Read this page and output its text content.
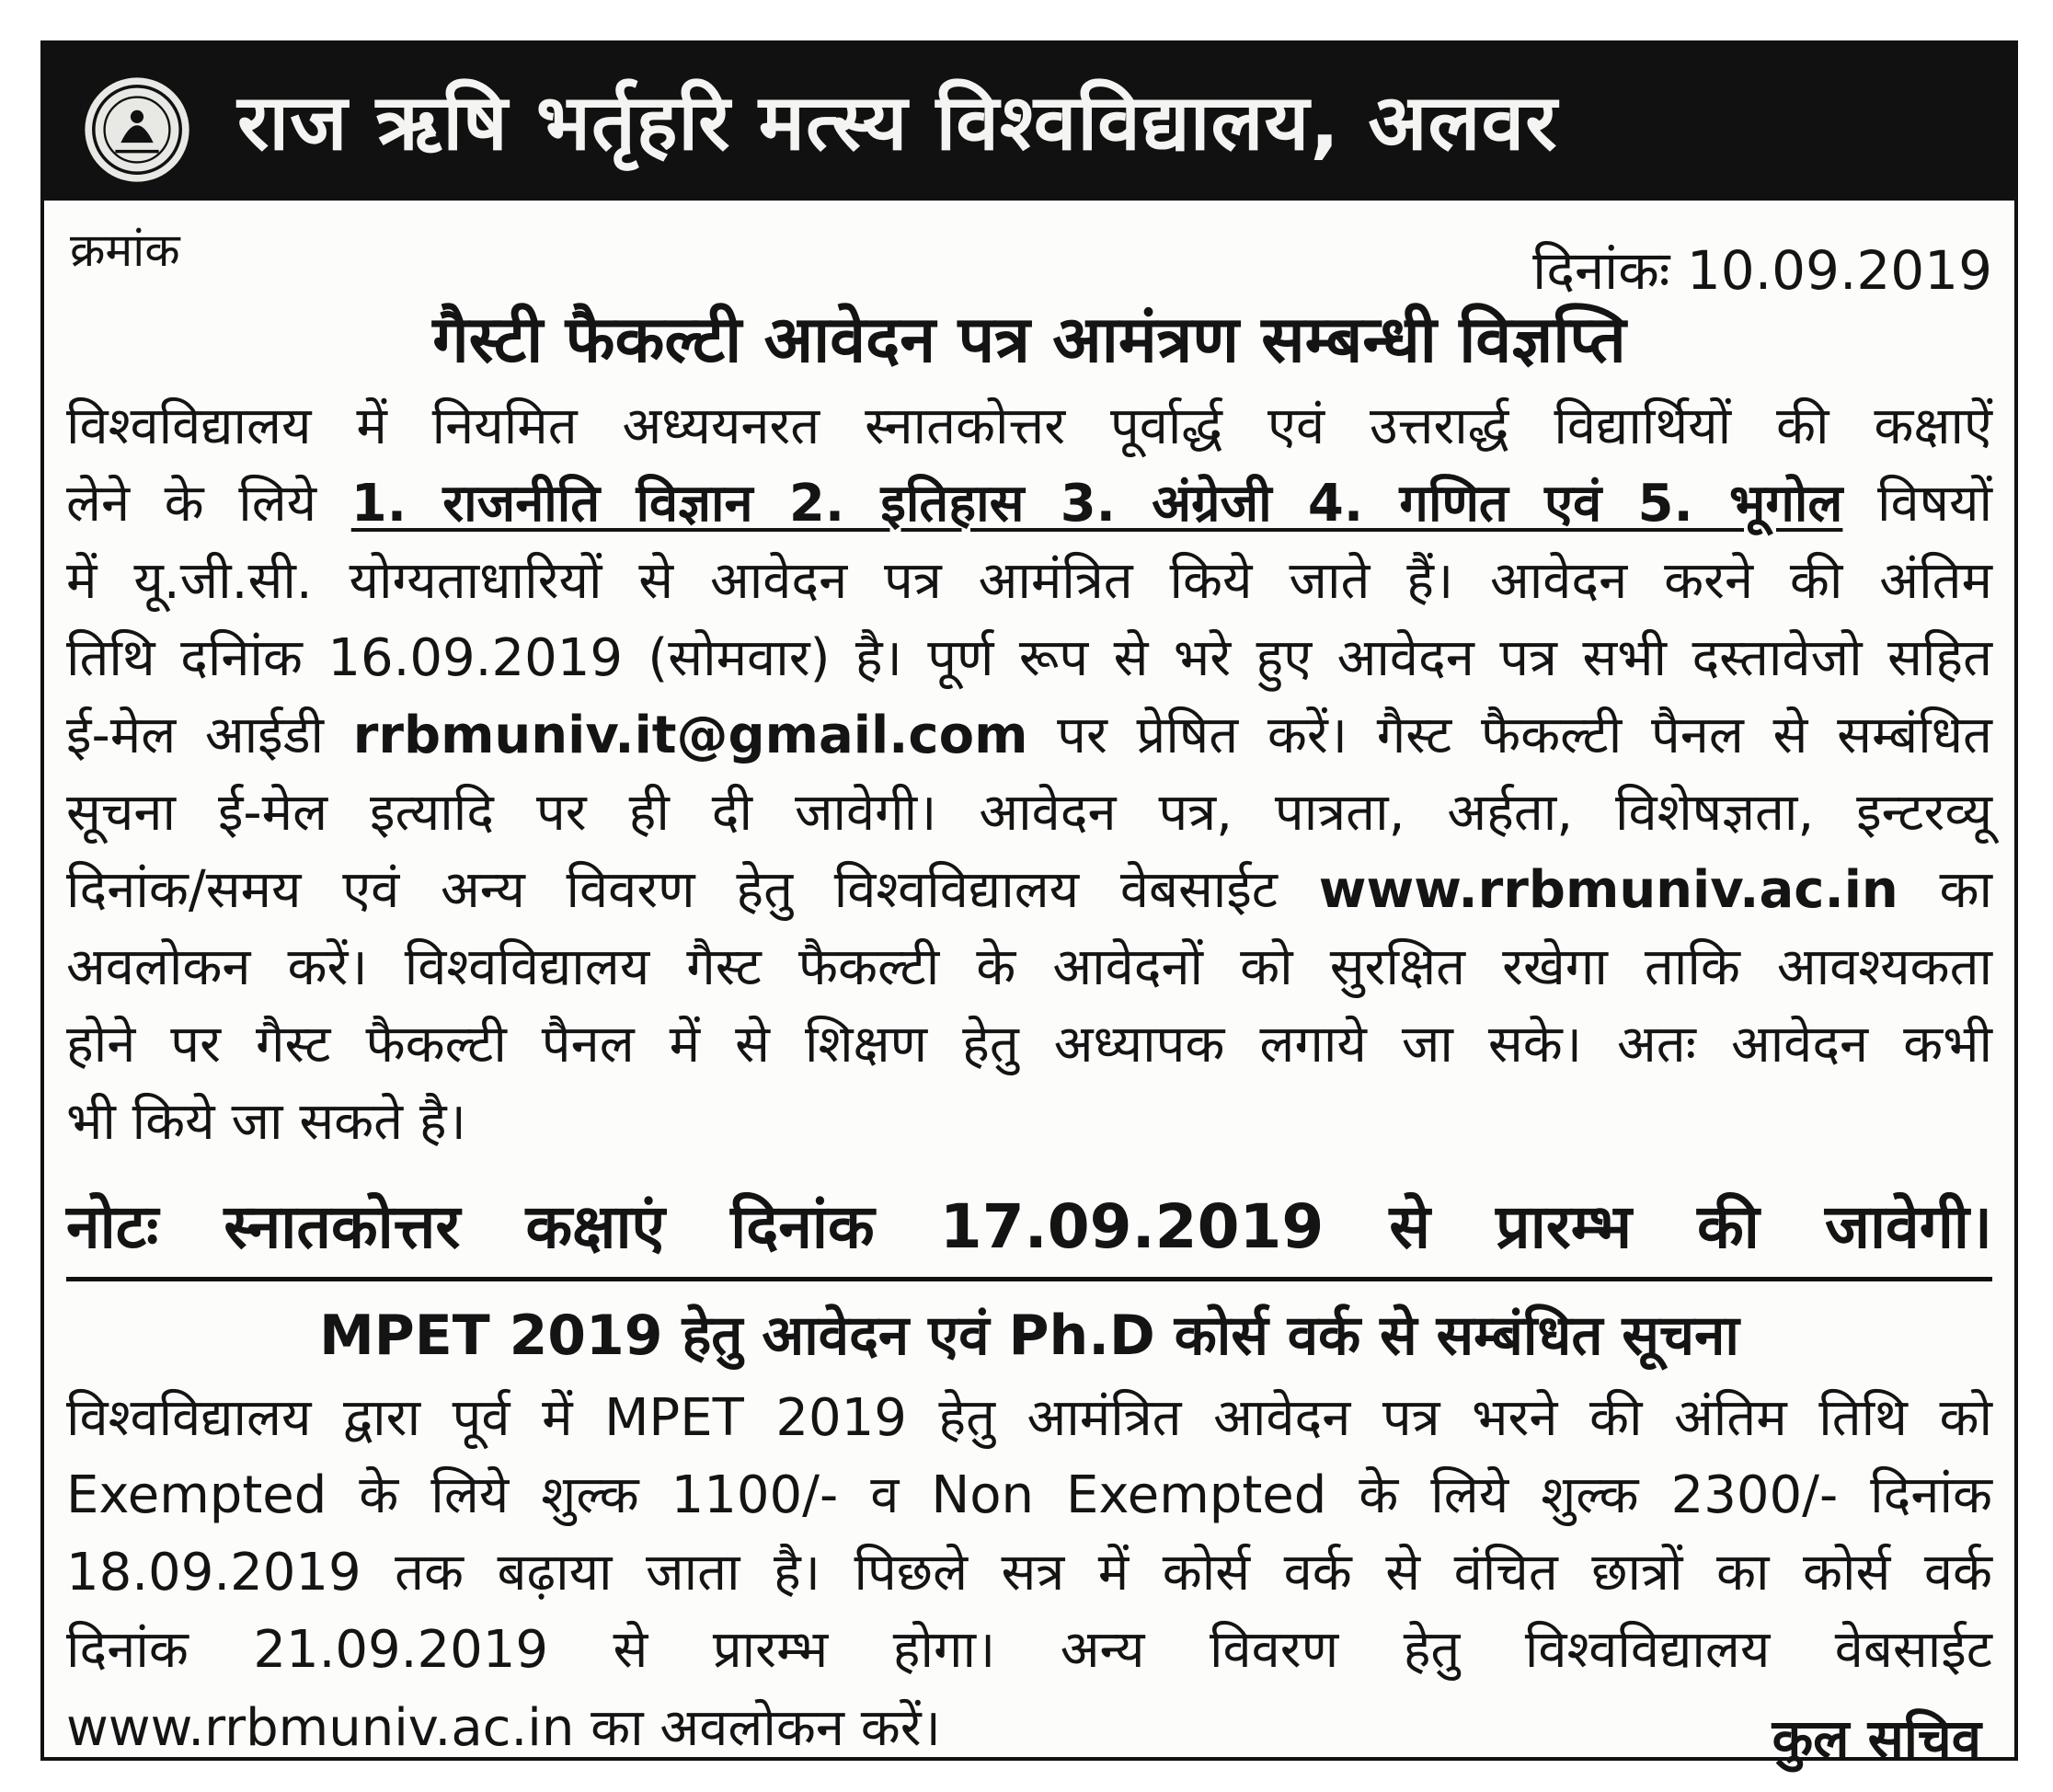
राज ऋषि भर्तृहरि मत्स्य विश्वविद्यालय, अलवर
क्रमांक	दिनांकः 10.09.2019
गैस्टी फैकल्टी आवेदन पत्र आमंत्रण सम्बन्धी विज्ञप्ति
विश्वविद्यालय में नियमित अध्ययनरत स्नातकोत्तर पूर्वार्द्ध एवं उत्तरार्द्ध विद्यार्थियों की कक्षाऐं
लेने के लिये 1. राजनीति विज्ञान 2. इतिहास 3. अंग्रेजी 4. गणित एवं 5. भूगोल विषयों
में यू.जी.सी. योग्यताधारियों से आवेदन पत्र आमंत्रित किये जाते हैं। आवेदन करने की अंतिम
तिथि दनिांक 16.09.2019 (सोमवार) है। पूर्ण रूप से भरे हुए आवेदन पत्र सभी दस्तावेजो सहित
ई-मेल आईडी rrbmuniv.it@gmail.com पर प्रेषित करें। गैस्ट फैकल्टी पैनल से सम्बंधित
सूचना ई-मेल इत्यादि पर ही दी जावेगी। आवेदन पत्र, पात्रता, अर्हता, विशेषज्ञता, इन्टरव्यू
दिनांक/समय एवं अन्य विवरण हेतु विश्वविद्यालय वेबसाईट www.rrbmuniv.ac.in का
अवलोकन करें। विश्वविद्यालय गैस्ट फैकल्टी के आवेदनों को सुरक्षित रखेगा ताकि आवश्यकता
होने पर गैस्ट फैकल्टी पैनल में से शिक्षण हेतु अध्यापक लगाये जा सके। अतः आवेदन कभी
भी किये जा सकते है।
नोटः स्नातकोत्तर कक्षाएं दिनांक 17.09.2019 से प्रारम्भ की जावेगी।
MPET 2019 हेतु आवेदन एवं Ph.D कोर्स वर्क से सम्बंधित सूचना
विश्वविद्यालय द्वारा पूर्व में MPET 2019 हेतु आमंत्रित आवेदन पत्र भरने की अंतिम तिथि को
Exempted के लिये शुल्क 1100/- व Non Exempted के लिये शुल्क 2300/- दिनांक
18.09.2019 तक बढ़ाया जाता है। पिछले सत्र में कोर्स वर्क से वंचित छात्रों का कोर्स वर्क
दिनांक 21.09.2019 से प्रारम्भ होगा। अन्य विवरण हेतु विश्वविद्यालय वेबसाईट
www.rrbmuniv.ac.in का अवलोकन करें।	कुल सचिव
